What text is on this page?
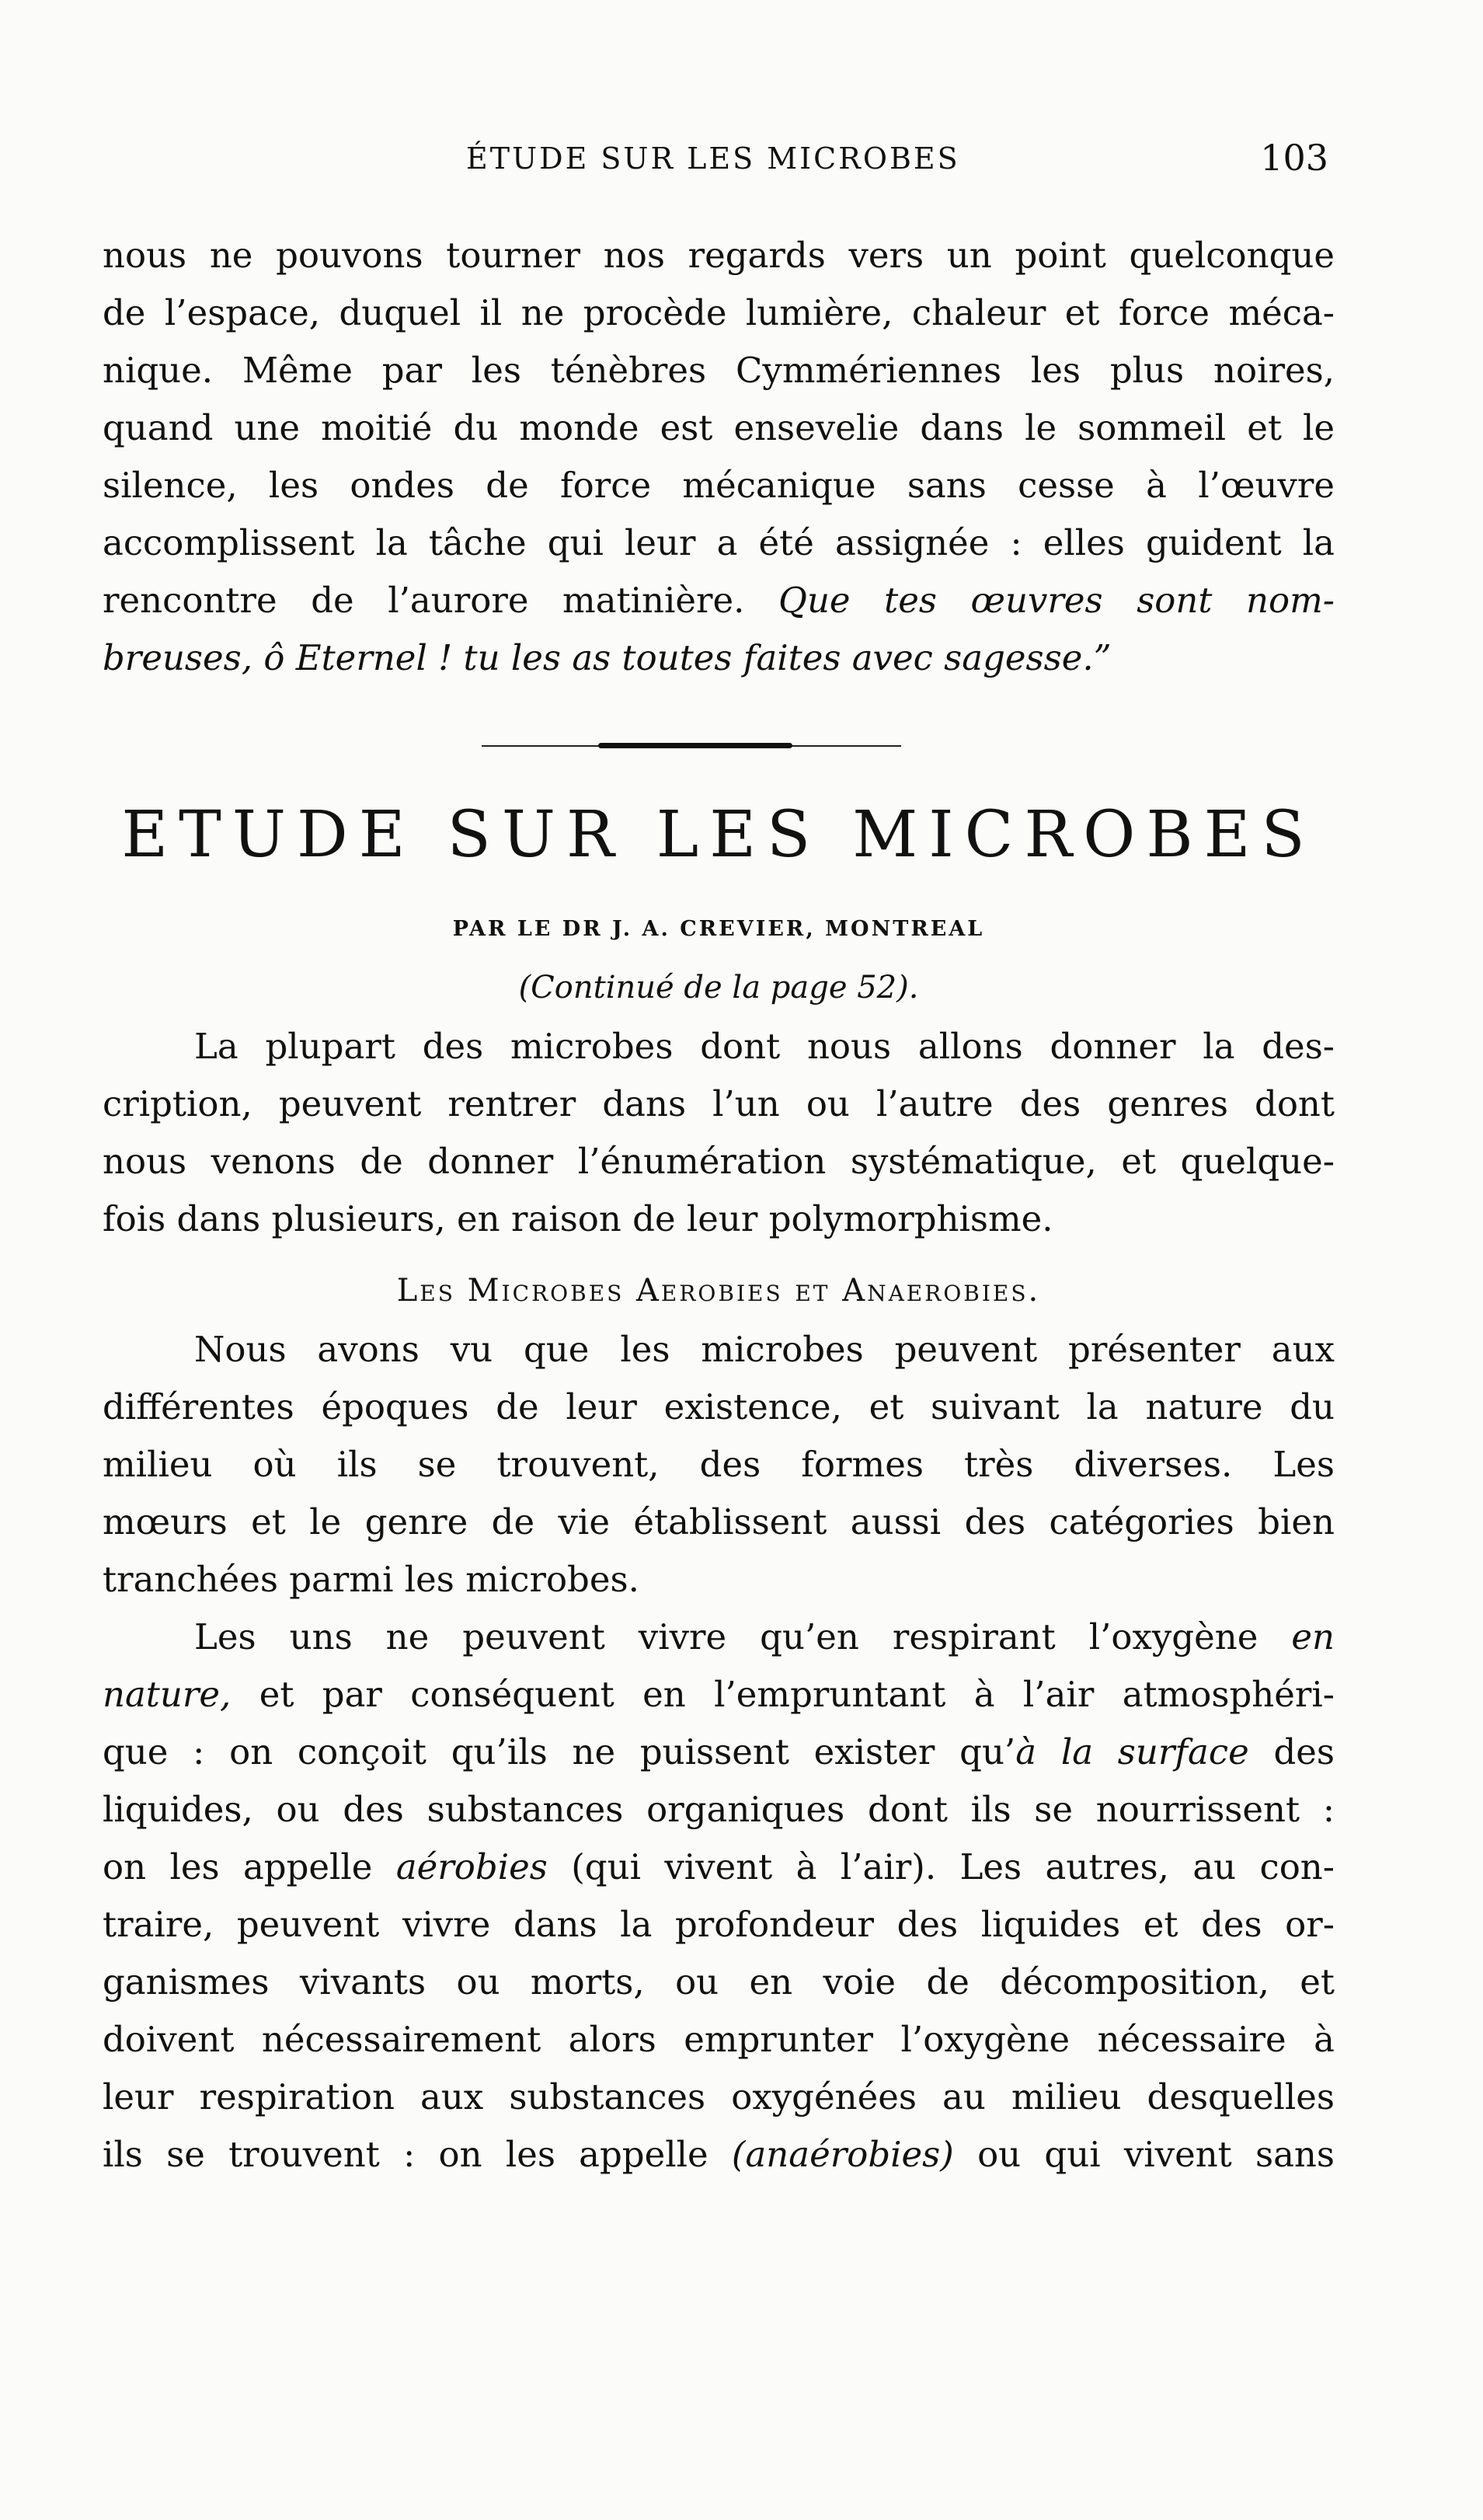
ÉTUDE SUR LES MICROBES	103
nous ne pouvons tourner nos regards vers un point quelconque
de l’espace, duquel il ne procède lumière, chaleur et force méca-
nique. Même par les ténèbres Cymmériennes les plus noires,
quand une moitié du monde est ensevelie dans le sommeil et le
silence, les ondes de force mécanique sans cesse à l’œuvre
accomplissent la tâche qui leur a été assignée : elles guident la
rencontre de l’aurore matinière. Que tes œuvres sont nom-
breuses, ô Eternel ! tu les as toutes faites avec sagesse.”
ETUDE SUR LES MICROBES
PAR LE DR J. A. CREVIER, MONTREAL
(Continué de la page 52).
La plupart des microbes dont nous allons donner la des-
cription, peuvent rentrer dans l’un ou l’autre des genres dont
nous venons de donner l’énumération systématique, et quelque-
fois dans plusieurs, en raison de leur polymorphisme.
Les Microbes Aerobies et Anaerobies.
Nous avons vu que les microbes peuvent présenter aux
différentes époques de leur existence, et suivant la nature du
milieu où ils se trouvent, des formes très diverses. Les
mœurs et le genre de vie établissent aussi des catégories bien
tranchées parmi les microbes.
Les uns ne peuvent vivre qu’en respirant l’oxygène en
nature, et par conséquent en l’empruntant à l’air atmosphéri-
que : on conçoit qu’ils ne puissent exister qu’à la surface des
liquides, ou des substances organiques dont ils se nourrissent :
on les appelle aérobies (qui vivent à l’air). Les autres, au con-
traire, peuvent vivre dans la profondeur des liquides et des or-
ganismes vivants ou morts, ou en voie de décomposition, et
doivent nécessairement alors emprunter l’oxygène nécessaire à
leur respiration aux substances oxygénées au milieu desquelles
ils se trouvent : on les appelle (anaérobies) ou qui vivent sans
